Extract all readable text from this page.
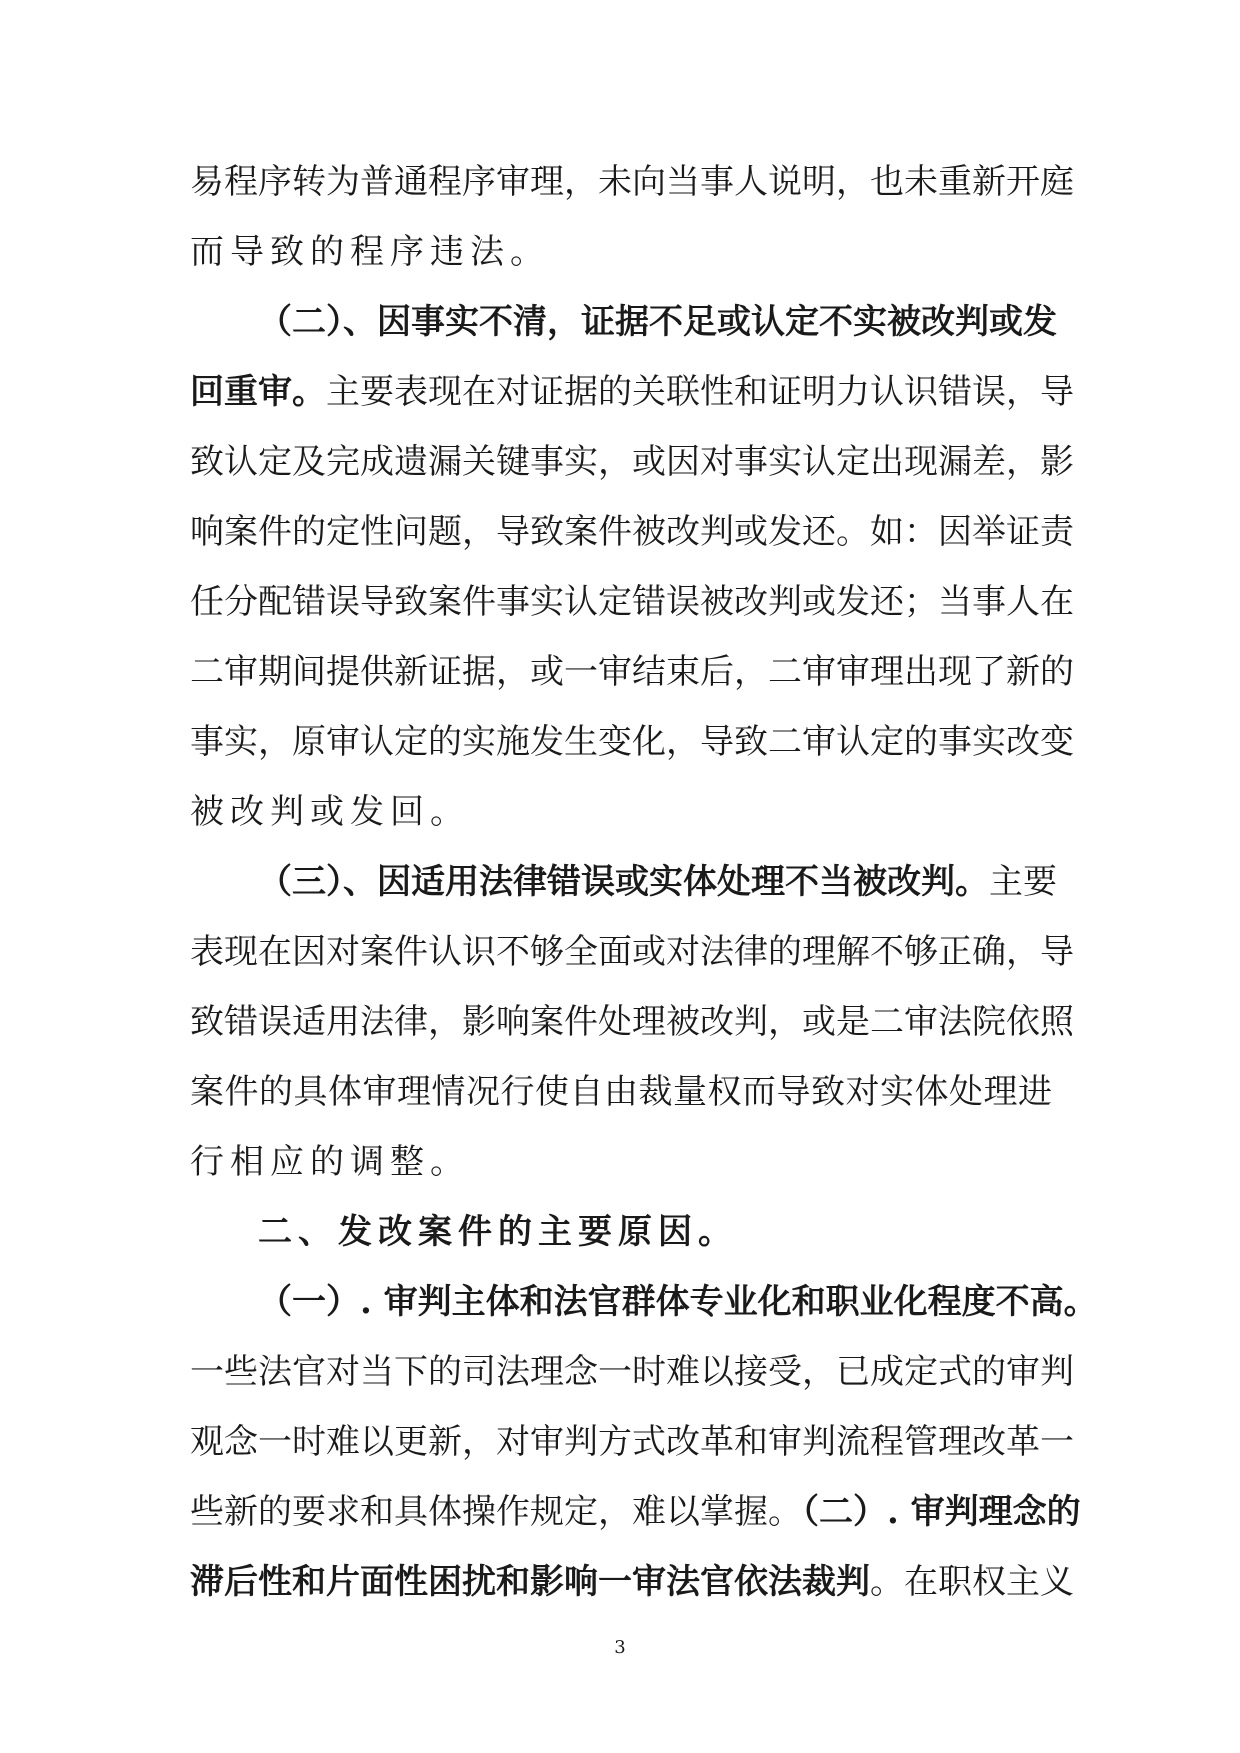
易程序转为普通程序审理，未向当事人说明，也未重新开庭
而导致的程序违法。
（二）、因事实不清，证据不足或认定不实被改判或发
回重审。主要表现在对证据的关联性和证明力认识错误，导
致认定及完成遗漏关键事实，或因对事实认定出现漏差，影
响案件的定性问题，导致案件被改判或发还。如：因举证责
任分配错误导致案件事实认定错误被改判或发还；当事人在
二审期间提供新证据，或一审结束后，二审审理出现了新的
事实，原审认定的实施发生变化，导致二审认定的事实改变
被改判或发回。
（三）、因适用法律错误或实体处理不当被改判。主要
表现在因对案件认识不够全面或对法律的理解不够正确，导
致错误适用法律，影响案件处理被改判，或是二审法院依照
案件的具体审理情况行使自由裁量权而导致对实体处理进
行相应的调整。
二、发改案件的主要原因。
（一）. 审判主体和法官群体专业化和职业化程度不高。
一些法官对当下的司法理念一时难以接受，已成定式的审判
观念一时难以更新，对审判方式改革和审判流程管理改革一
些新的要求和具体操作规定，难以掌握。（二）. 审判理念的
滞后性和片面性困扰和影响一审法官依法裁判。在职权主义
3
